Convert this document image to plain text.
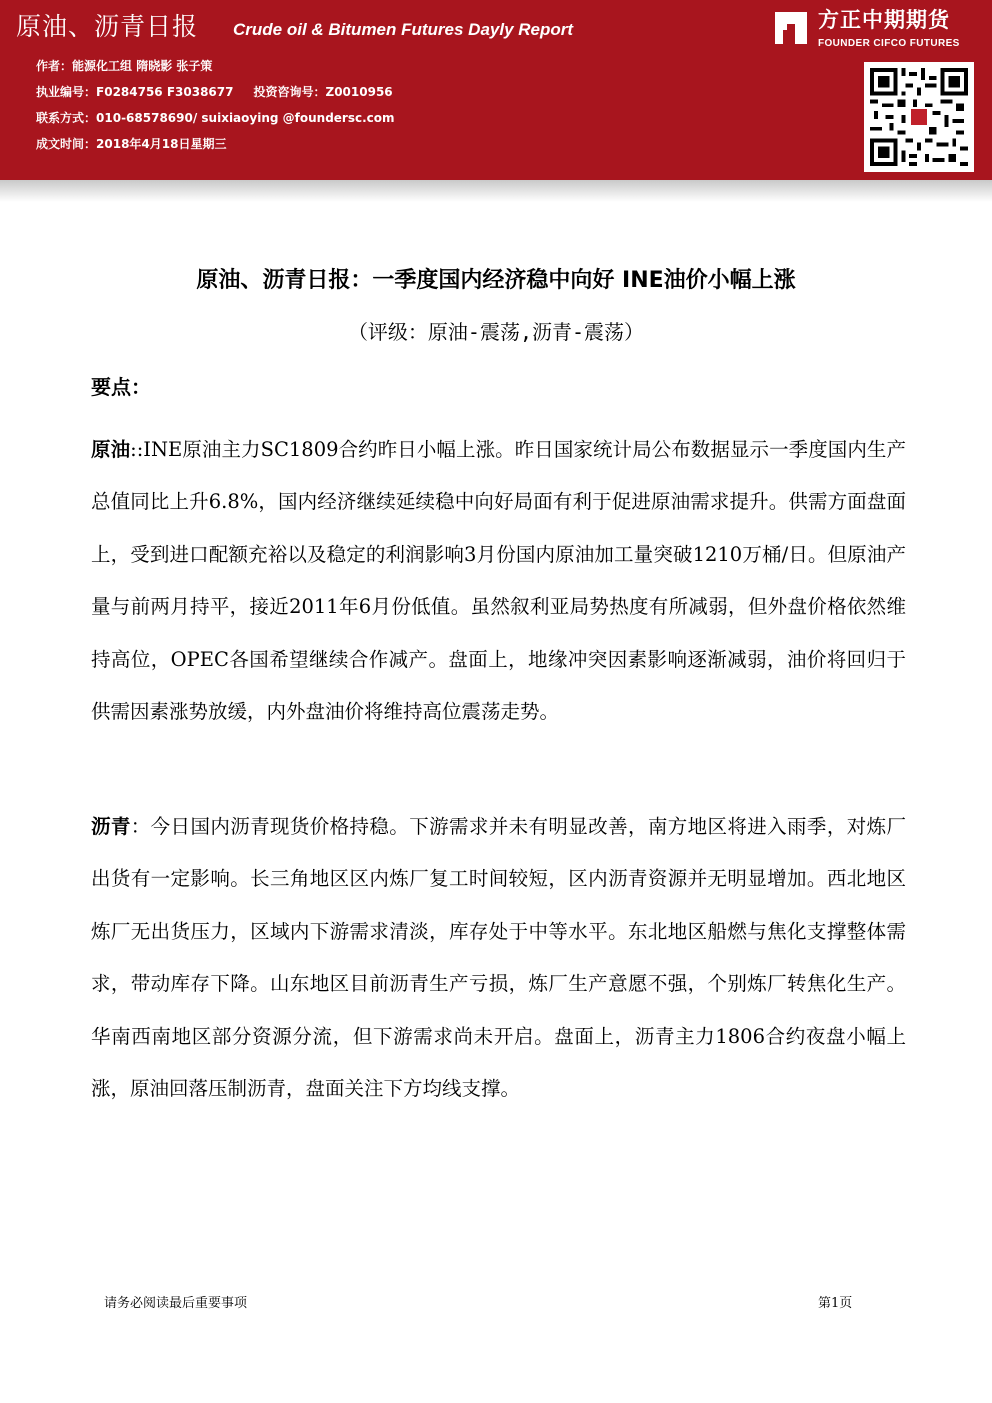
原油、沥青日报 Crude oil & Bitumen Futures Dayly Report
作者：能源化工组 隋晓影 张子策
执业编号：F0284756 F3038677 投资咨询号：Z0010956
联系方式：010-68578690/ suixiaoying @foundersc.com
成文时间：2018年4月18日星期三
方正中期期货
FOUNDER CIFCO FUTURES
原油、沥青日报：一季度国内经济稳中向好 INE油价小幅上涨
（评级：原油-震荡,沥青-震荡）
要点：
原油::INE原油主力SC1809合约昨日小幅上涨。昨日国家统计局公布数据显示一季度国内生产总值同比上升6.8%，国内经济继续延续稳中向好局面有利于促进原油需求提升。供需方面盘面上，受到进口配额充裕以及稳定的利润影响3月份国内原油加工量突破1210万桶/日。但原油产量与前两月持平，接近2011年6月份低值。虽然叙利亚局势热度有所减弱，但外盘价格依然维持高位，OPEC各国希望继续合作减产。盘面上，地缘冲突因素影响逐渐减弱，油价将回归于供需因素涨势放缓，内外盘油价将维持高位震荡走势。
沥青：今日国内沥青现货价格持稳。下游需求并未有明显改善，南方地区将进入雨季，对炼厂出货有一定影响。长三角地区区内炼厂复工时间较短，区内沥青资源并无明显增加。西北地区炼厂无出货压力，区域内下游需求清淡，库存处于中等水平。东北地区船燃与焦化支撑整体需求，带动库存下降。山东地区目前沥青生产亏损，炼厂生产意愿不强，个别炼厂转焦化生产。华南西南地区部分资源分流，但下游需求尚未开启。盘面上，沥青主力1806合约夜盘小幅上涨，原油回落压制沥青，盘面关注下方均线支撑。
请务必阅读最后重要事项	第1页
